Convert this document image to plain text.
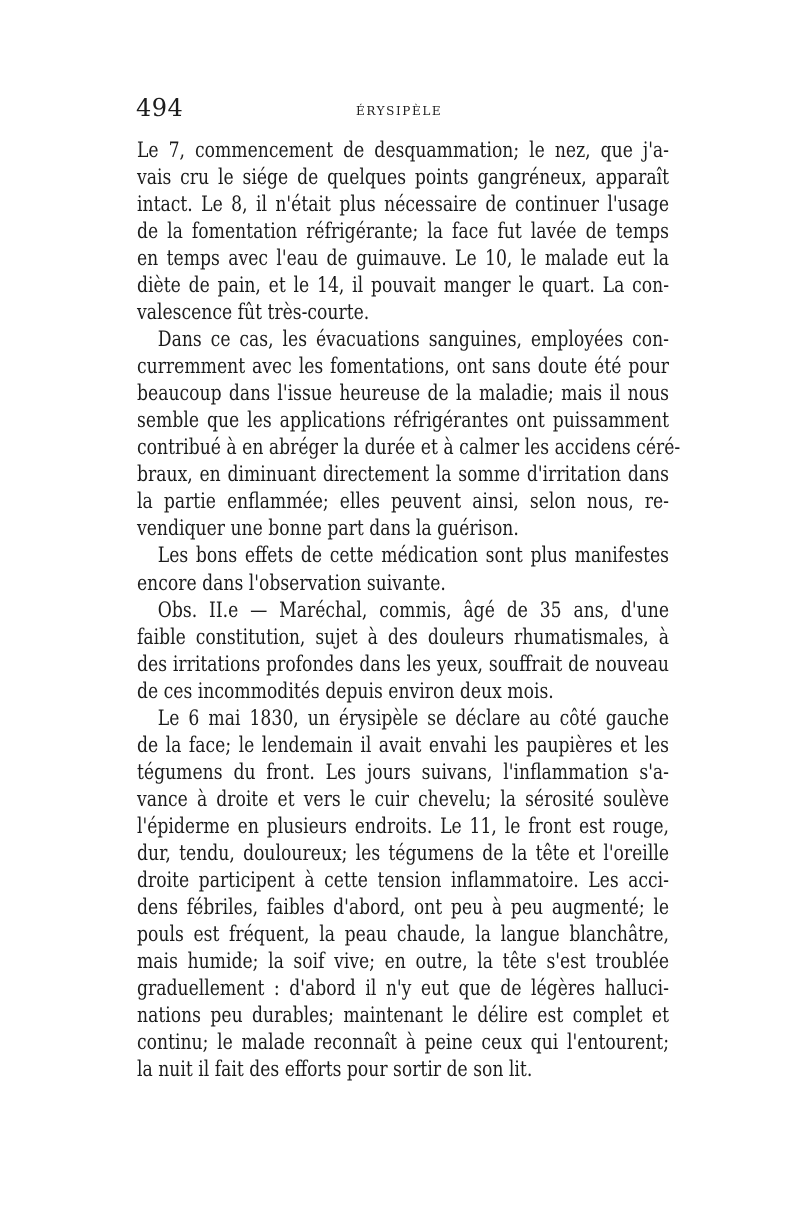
494	ÉRYSIPÈLE
Le 7, commencement de desquammation; le nez, que j'a-
vais cru le siége de quelques points gangréneux, apparaît
intact. Le 8, il n'était plus nécessaire de continuer l'usage
de la fomentation réfrigérante; la face fut lavée de temps
en temps avec l'eau de guimauve. Le 10, le malade eut la
diète de pain, et le 14, il pouvait manger le quart. La con-
valescence fût très-courte.
Dans ce cas, les évacuations sanguines, employées con-
curremment avec les fomentations, ont sans doute été pour
beaucoup dans l'issue heureuse de la maladie; mais il nous
semble que les applications réfrigérantes ont puissamment
contribué à en abréger la durée et à calmer les accidens céré-
braux, en diminuant directement la somme d'irritation dans
la partie enflammée; elles peuvent ainsi, selon nous, re-
vendiquer une bonne part dans la guérison.
Les bons effets de cette médication sont plus manifestes
encore dans l'observation suivante.
Obs. II.e — Maréchal, commis, âgé de 35 ans, d'une
faible constitution, sujet à des douleurs rhumatismales, à
des irritations profondes dans les yeux, souffrait de nouveau
de ces incommodités depuis environ deux mois.
Le 6 mai 1830, un érysipèle se déclare au côté gauche
de la face; le lendemain il avait envahi les paupières et les
tégumens du front. Les jours suivans, l'inflammation s'a-
vance à droite et vers le cuir chevelu; la sérosité soulève
l'épiderme en plusieurs endroits. Le 11, le front est rouge,
dur, tendu, douloureux; les tégumens de la tête et l'oreille
droite participent à cette tension inflammatoire. Les acci-
dens fébriles, faibles d'abord, ont peu à peu augmenté; le
pouls est fréquent, la peau chaude, la langue blanchâtre,
mais humide; la soif vive; en outre, la tête s'est troublée
graduellement : d'abord il n'y eut que de légères halluci-
nations peu durables; maintenant le délire est complet et
continu; le malade reconnaît à peine ceux qui l'entourent;
la nuit il fait des efforts pour sortir de son lit.
